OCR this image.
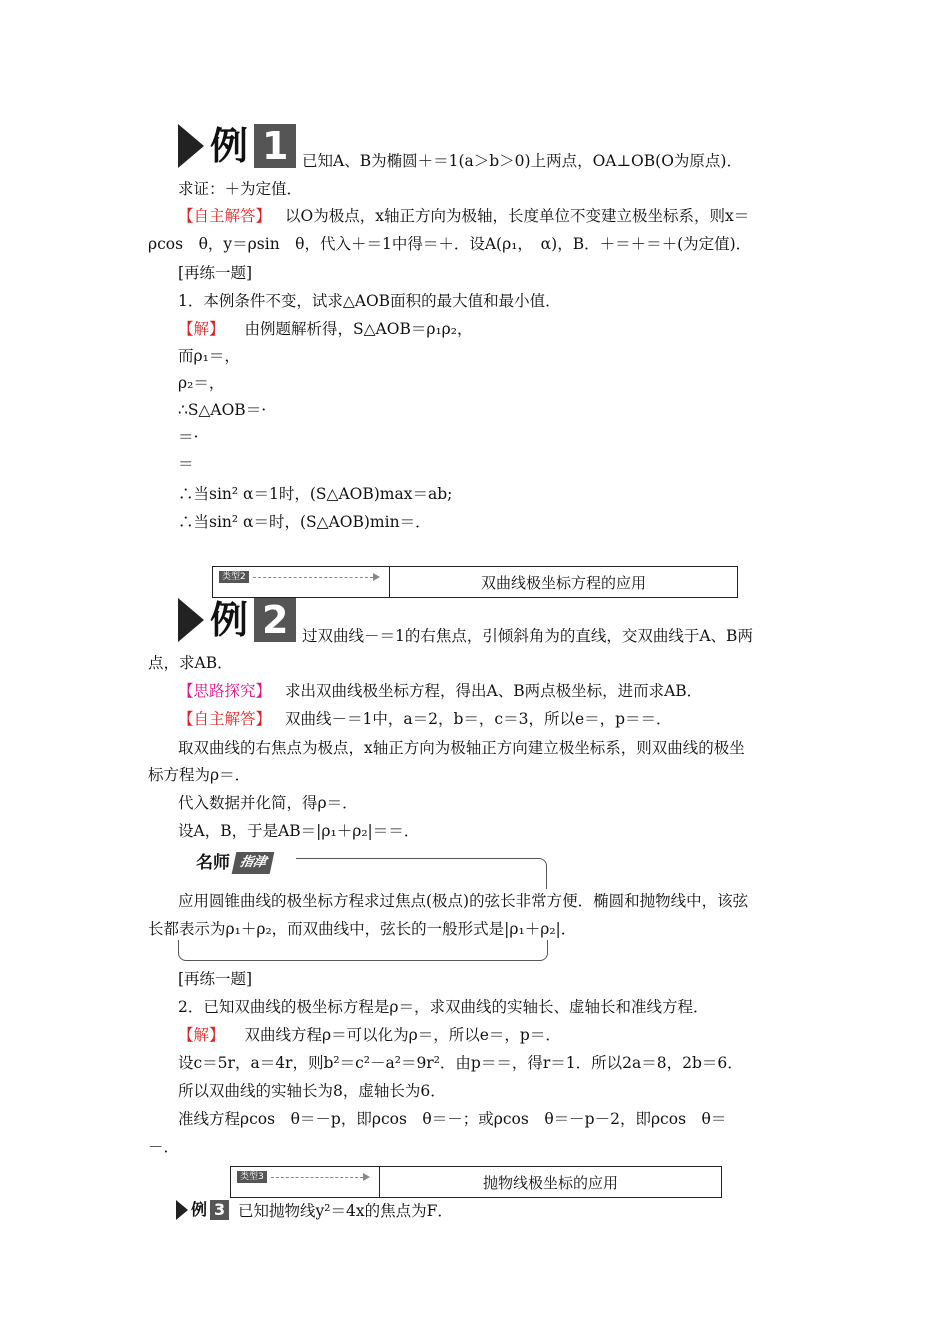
例 1 已知A、B为椭圆＋＝1(a＞b＞0)上两点，OA⊥OB(O为原点)．
求证：＋为定值．
【自主解答】 以O为极点，x轴正方向为极轴，长度单位不变建立极坐标系，则x＝
ρcos　θ，y＝ρsin　θ，代入＋＝1中得＝＋．设A(ρ₁，　α)，B．＋＝＋＝＋(为定值)．
[再练一题]
1．本例条件不变，试求△AOB面积的最大值和最小值．
【解】 由例题解析得，S△AOB＝ρ₁ρ₂，
而ρ₁＝，
ρ₂＝，
∴S△AOB＝·
＝·
＝
∴当sin² α＝1时，(S△AOB)max＝ab;
∴当sin² α＝时，(S△AOB)min＝．
类型2	双曲线极坐标方程的应用
例 2 过双曲线－＝1的右焦点，引倾斜角为的直线，交双曲线于A、B两
点，求AB．
【思路探究】 求出双曲线极坐标方程，得出A、B两点极坐标，进而求AB．
【自主解答】 双曲线－＝1中，a＝2，b＝，c＝3，所以e＝，p＝＝．
取双曲线的右焦点为极点，x轴正方向为极轴正方向建立极坐标系，则双曲线的极坐
标方程为ρ＝．
代入数据并化简，得ρ＝．
设A，B，于是AB＝|ρ₁＋ρ₂|＝＝．
名师 指津
应用圆锥曲线的极坐标方程求过焦点(极点)的弦长非常方便．椭圆和抛物线中，该弦
长都表示为ρ₁＋ρ₂，而双曲线中，弦长的一般形式是|ρ₁＋ρ₂|．
[再练一题]
2．已知双曲线的极坐标方程是ρ＝，求双曲线的实轴长、虚轴长和准线方程．
【解】 双曲线方程ρ＝可以化为ρ＝，所以e＝，p＝．
设c＝5r，a＝4r，则b²＝c²－a²＝9r²．由p＝＝，得r＝1．所以2a＝8，2b＝6．
所以双曲线的实轴长为8，虚轴长为6．
准线方程ρcos　θ＝－p，即ρcos　θ＝－；或ρcos　θ＝－p－2，即ρcos　θ＝
－．
类型3	抛物线极坐标的应用
例 3 已知抛物线y²＝4x的焦点为F．
